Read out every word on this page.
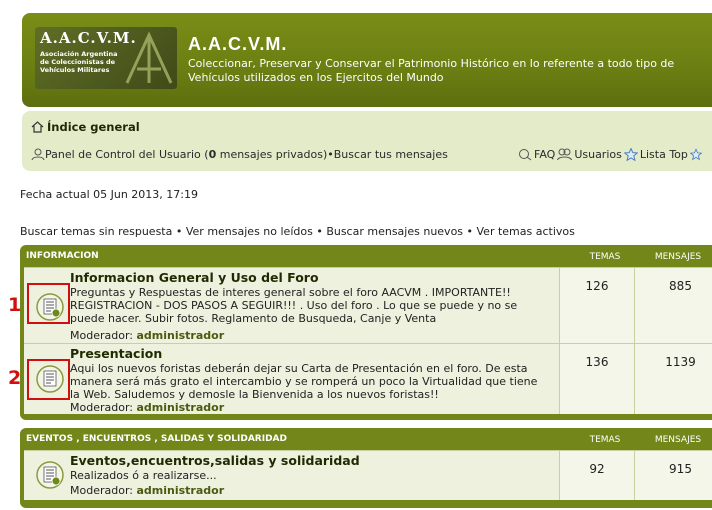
A.A.C.V.M.
Asociación Argentina de Coleccionistas de Vehículos Militares
A.A.C.V.M.
Coleccionar, Preservar y Conservar el Patrimonio Histórico en lo referente a todo tipo de Vehículos utilizados en los Ejercitos del Mundo
Índice general
Panel de Control del Usuario (0 mensajes privados) • Buscar tus mensajes	FAQ Usuarios Lista Top
Fecha actual 05 Jun 2013, 17:19
Buscar temas sin respuesta • Ver mensajes no leídos • Buscar mensajes nuevos • Ver temas activos
INFORMACION	TEMAS	MENSAJES
Informacion General y Uso del Foro
Preguntas y Respuestas de interes general sobre el foro AACVM . IMPORTANTE!! REGISTRACION - DOS PASOS A SEGUIR!!! . Uso del foro . Lo que se puede y no se puede hacer. Subir fotos. Reglamento de Busqueda, Canje y Venta
Moderador: administrador
126	885
Presentacion
Aqui los nuevos foristas deberán dejar su Carta de Presentación en el foro. De esta manera será más grato el intercambio y se romperá un poco la Virtualidad que tiene la Web. Saludemos y demosle la Bienvenida a los nuevos foristas!!
Moderador: administrador
136	1139
EVENTOS , ENCUENTROS , SALIDAS Y SOLIDARIDAD	TEMAS	MENSAJES
Eventos,encuentros,salidas y solidaridad
Realizados ó a realizarse...
Moderador: administrador
92	915
1
2
